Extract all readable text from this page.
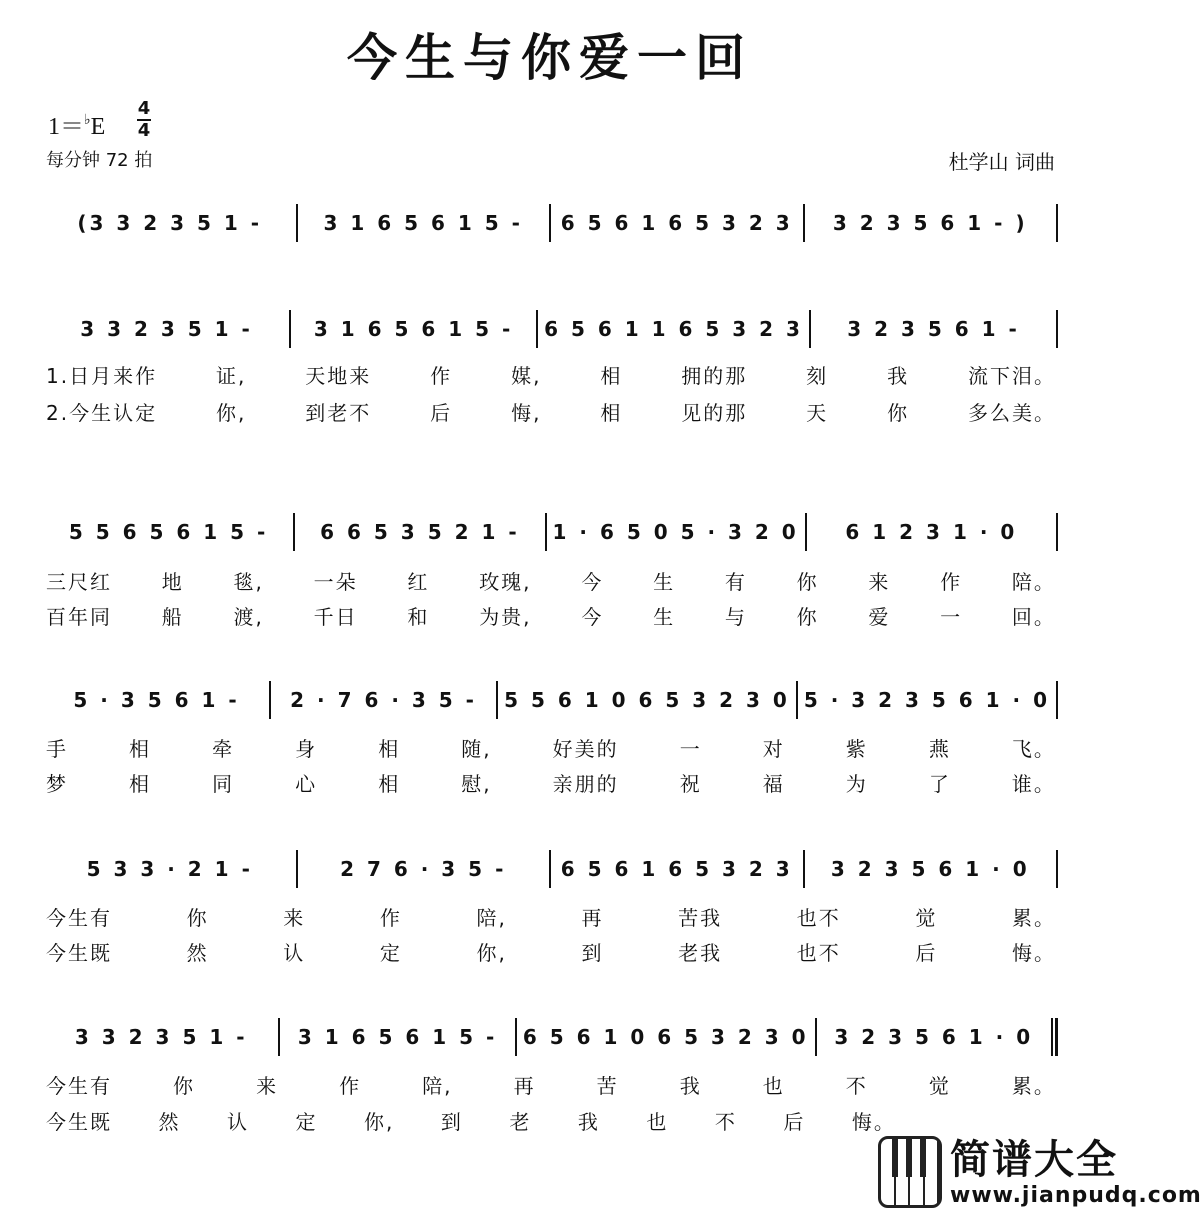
今生与你爱一回
1＝♭E
4
4
每分钟 72 拍	杜学山 词曲
(3 3 2 3 5 1 -	3 1 6 5 6 1 5 -	6 5 6 1 6 5 3 2 3	3 2 3 5 6 1 - )
3 3 2 3 5 1 -	3 1 6 5 6 1 5 -	6 5 6 1 1 6 5 3 2 3	3 2 3 5 6 1 -
1.日月来作	证,	天地来	作	媒,	相	拥的那	刻	我	流下泪。
2.今生认定	你,	到老不	后	悔,	相	见的那	天	你	多么美。
5 5 6 5 6 1 5 -	6 6 5 3 5 2 1 -	1 · 6 5 0 5 · 3 2 0	6 1 2 3 1 · 0
三尺红 地 毯, 一朵 红 玫瑰, 今 生 有 你 来 作 陪。
百年同 船 渡, 千日 和 为贵, 今 生 与 你 爱 一 回。
5 · 3 5 6 1 -	2 · 7 6 · 3 5 -	5 5 6 1 0 6 5 3 2 3 0 5 · 3 2 3 5 6 1 · 0
手	相	牵	身	相	随,	好美的	一	对	紫	燕	飞。
梦	相	同	心	相	慰,	亲朋的	祝	福	为	了	谁。
5 3 3 · 2 1 -	2 7 6 · 3 5 -	6 5 6 1 6 5 3 2 3	3 2 3 5 6 1 · 0
今生有	你	来	作	陪,	再	苦我	也不	觉	累。
今生既	然	认	定	你,	到	老我	也不	后	悔。
3 3 2 3 5 1 -	3 1 6 5 6 1 5 -	6 5 6 1 0 6 5 3 2 3 0	3 2 3 5 6 1 · 0
今生有	你	来	作	陪,	再	苦	我	也	不	觉	累。
今生既 然 认 定 你, 到 老 我 也 不 后 悔。
简谱大全
www.jianpudq.com
